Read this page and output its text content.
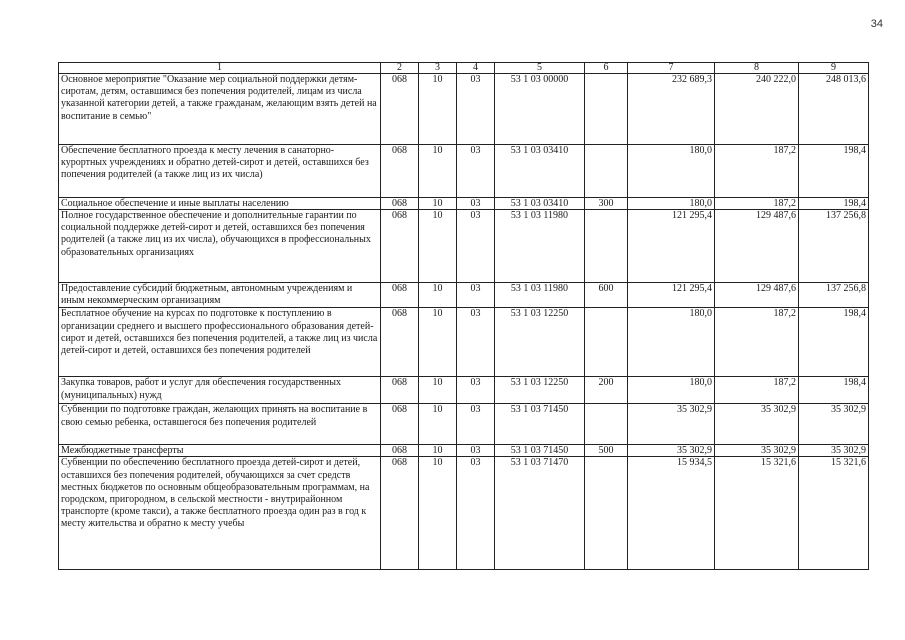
34
1	2	3	4	5	6	7	8	9
Основное мероприятие "Оказание мер социальной поддержки детям-сиротам, детям, оставшимся без попечения родителей, лицам из числа указанной категории детей, а также гражданам, желающим взять детей на воспитание в семью"	068	10	03	53 1 03 00000		232 689,3	240 222,0	248 013,6
Обеспечение бесплатного проезда к месту лечения в санаторно-курортных учреждениях и обратно детей-сирот и детей, оставшихся без попечения родителей (а также лиц из их числа)	068	10	03	53 1 03 03410		180,0	187,2	198,4
Социальное обеспечение и иные выплаты населению	068	10	03	53 1 03 03410	300	180,0	187,2	198,4
Полное государственное обеспечение и дополнительные гарантии по социальной поддержке детей-сирот и детей, оставшихся без попечения родителей (а также лиц из их числа), обучающихся в профессиональных образовательных организациях	068	10	03	53 1 03 11980		121 295,4	129 487,6	137 256,8
Предоставление субсидий бюджетным, автономным учреждениям и иным некоммерческим организациям	068	10	03	53 1 03 11980	600	121 295,4	129 487,6	137 256,8
Бесплатное обучение на курсах по подготовке к поступлению в организации среднего и высшего профессионального образования детей-сирот и детей, оставшихся без попечения родителей, а также лиц из числа детей-сирот и детей, оставшихся без попечения родителей	068	10	03	53 1 03 12250		180,0	187,2	198,4
Закупка товаров, работ и услуг для обеспечения государственных (муниципальных) нужд	068	10	03	53 1 03 12250	200	180,0	187,2	198,4
Субвенции по подготовке граждан, желающих принять на воспитание в свою семью ребенка, оставшегося без попечения родителей	068	10	03	53 1 03 71450		35 302,9	35 302,9	35 302,9
Межбюджетные трансферты	068	10	03	53 1 03 71450	500	35 302,9	35 302,9	35 302,9
Субвенции по обеспечению бесплатного проезда детей-сирот и детей, оставшихся без попечения родителей, обучающихся за счет средств местных бюджетов по основным общеобразовательным программам, на городском, пригородном, в сельской местности - внутрирайонном транспорте (кроме такси), а также бесплатного проезда один раз в год к месту жительства и обратно к месту учебы	068	10	03	53 1 03 71470		15 934,5	15 321,6	15 321,6
